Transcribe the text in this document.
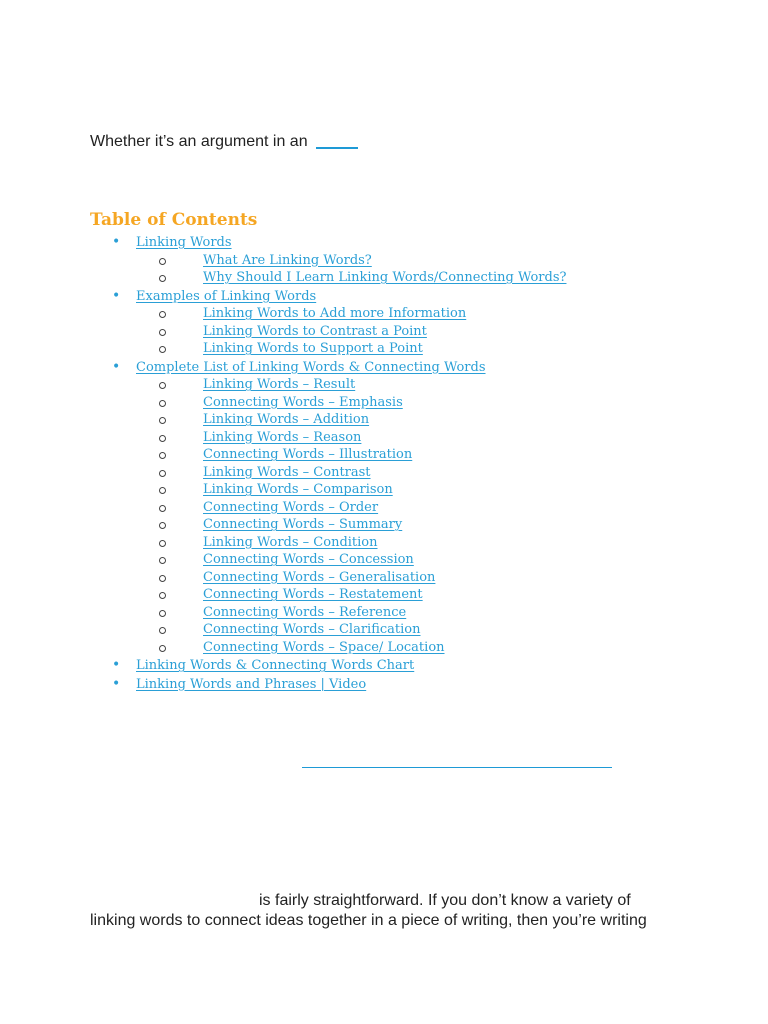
Whether it’s an argument in an
Table of Contents
• Linking Words
What Are Linking Words?
Why Should I Learn Linking Words/Connecting Words?
• Examples of Linking Words
Linking Words to Add more Information
Linking Words to Contrast a Point
Linking Words to Support a Point
• Complete List of Linking Words & Connecting Words
Linking Words – Result
Connecting Words – Emphasis
Linking Words – Addition
Linking Words – Reason
Connecting Words – Illustration
Linking Words – Contrast
Linking Words – Comparison
Connecting Words – Order
Connecting Words – Summary
Linking Words – Condition
Connecting Words – Concession
Connecting Words – Generalisation
Connecting Words – Restatement
Connecting Words – Reference
Connecting Words – Clarification
Connecting Words – Space/ Location
• Linking Words & Connecting Words Chart
• Linking Words and Phrases | Video
is fairly straightforward. If you don’t know a variety of
linking words to connect ideas together in a piece of writing, then you’re writing
